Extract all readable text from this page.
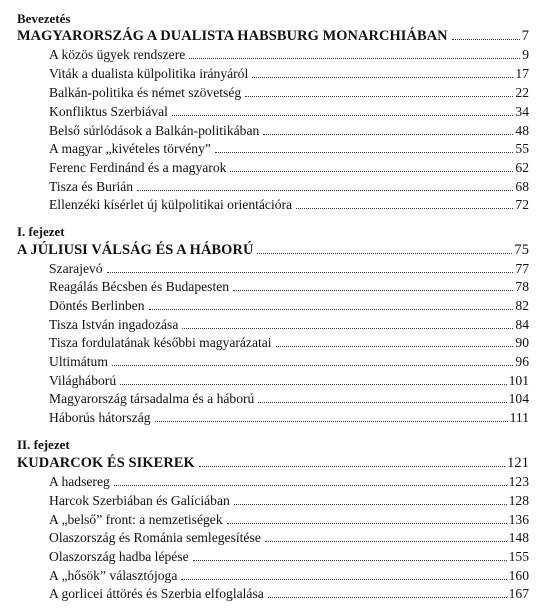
Bevezetés
MAGYARORSZÁG A DUALISTA HABSBURG MONARCHIÁBAN	7
A közös ügyek rendszere	9
Viták a dualista külpolitika irányáról	17
Balkán-politika és német szövetség	22
Konfliktus Szerbiával	34
Belső súrlódások a Balkán-politikában	48
A magyar „kivételes törvény”	55
Ferenc Ferdinánd és a magyarok	62
Tisza és Burián	68
Ellenzéki kísérlet új külpolitikai orientációra	72
I. fejezet
A JÚLIUSI VÁLSÁG ÉS A HÁBORÚ	75
Szarajevó	77
Reagálás Bécsben és Budapesten	78
Döntés Berlinben	82
Tisza István ingadozása	84
Tisza fordulatának későbbi magyarázatai	90
Ultimátum	96
Világháború	101
Magyarország társadalma és a háború	104
Háborús hátország	111
II. fejezet
KUDARCOK ÉS SIKEREK	121
A hadsereg	123
Harcok Szerbiában és Galíciában	128
A „belső” front: a nemzetiségek	136
Olaszország és Románia semlegesítése	148
Olaszország hadba lépése	155
A „hősök” választójoga	160
A gorlicei áttörés és Szerbia elfoglalása	167
